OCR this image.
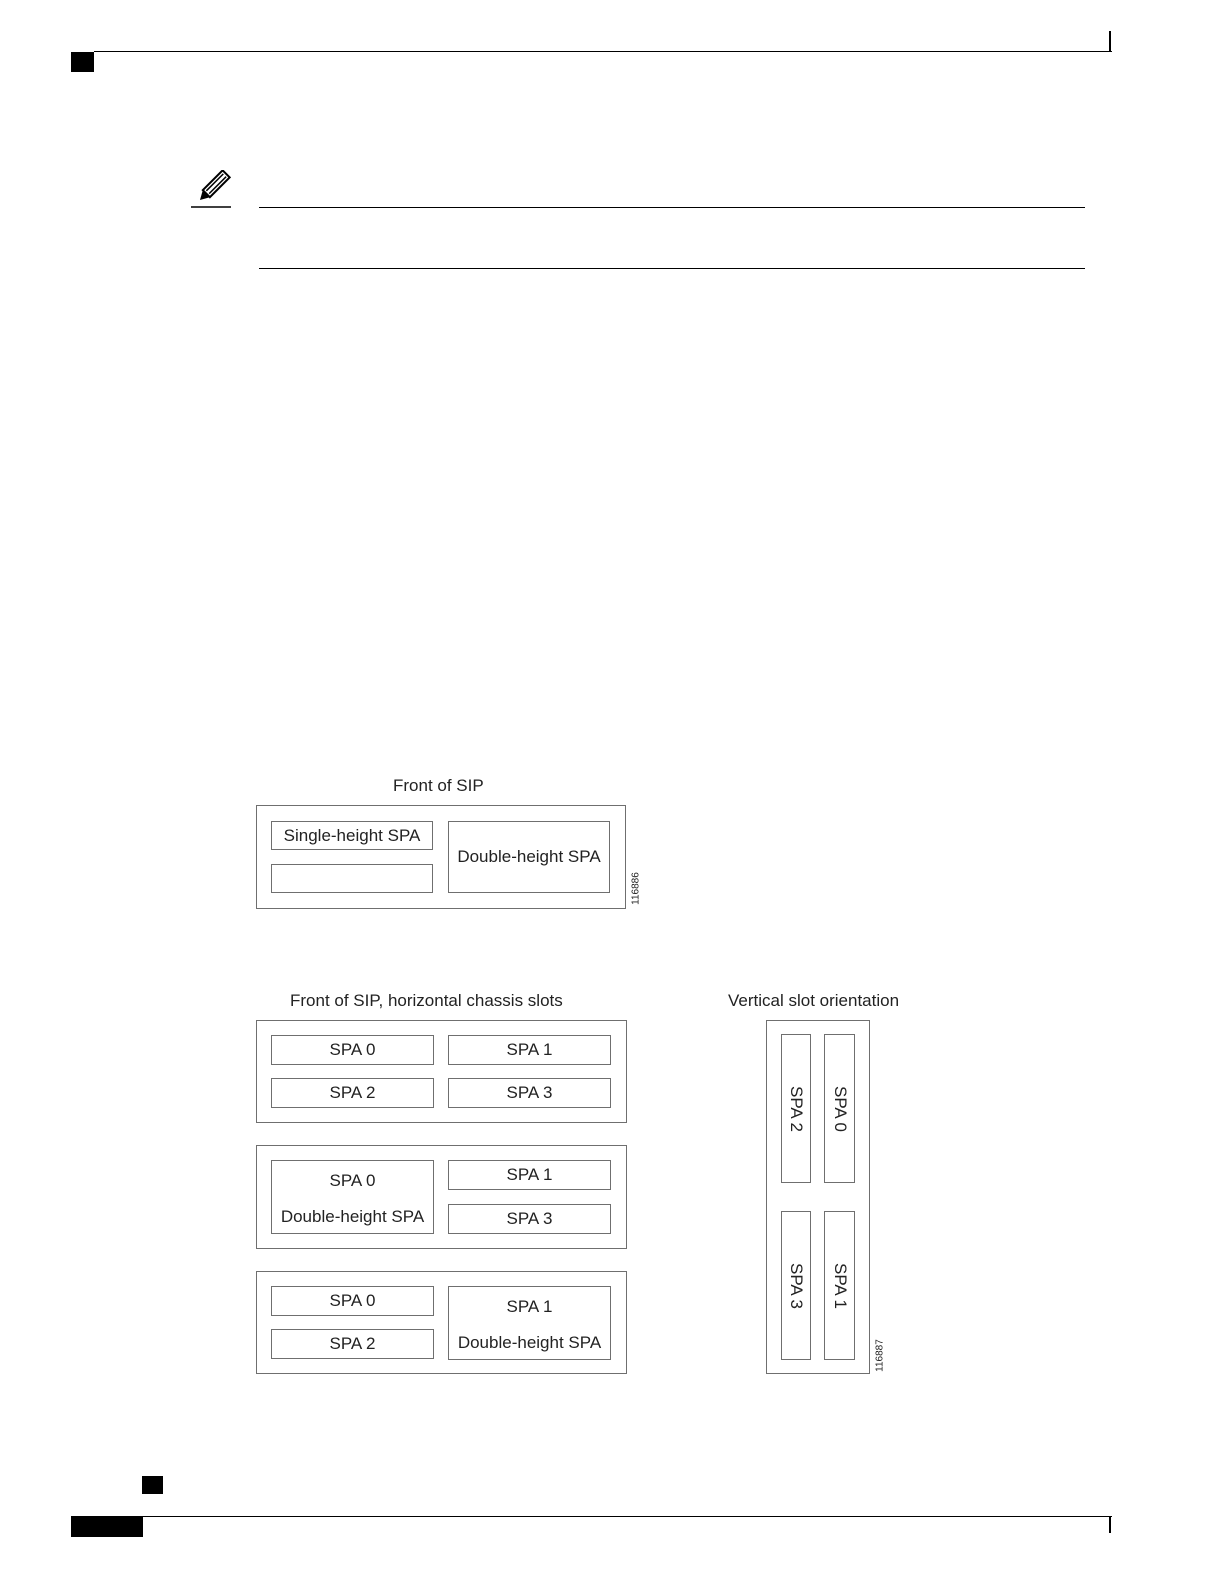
Front of SIP
Single-height SPA
Double-height SPA
116886
Front of SIP, horizontal chassis slots	Vertical slot orientation
SPA 0	SPA 1
SPA 2	SPA 3
SPA 0
Double-height SPA
SPA 1
SPA 3
SPA 0
SPA 2
SPA 1
Double-height SPA
SPA 2 SPA 0
SPA 3 SPA 1
116887
